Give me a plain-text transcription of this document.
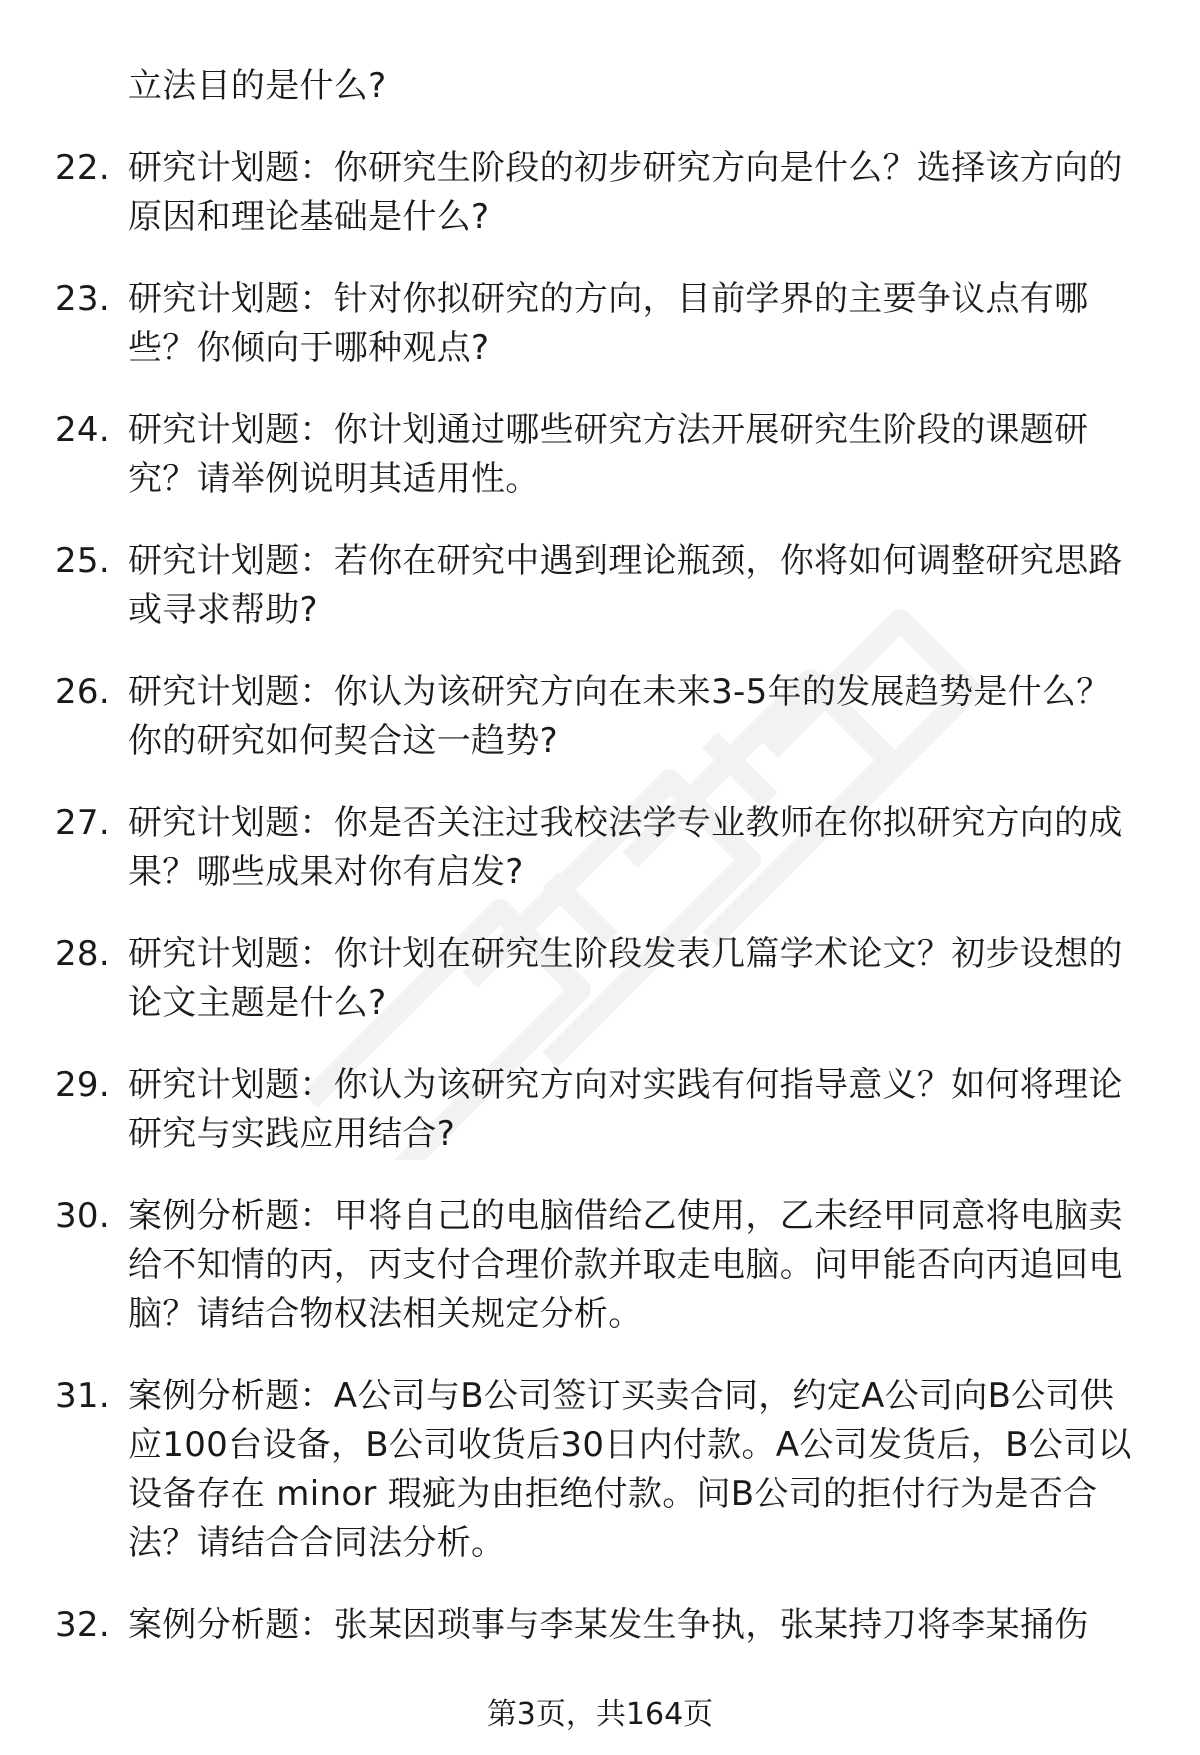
立法目的是什么?
22. 研究计划题：你研究生阶段的初步研究方向是什么？选择该方向的原因和理论基础是什么?
23. 研究计划题：针对你拟研究的方向，目前学界的主要争议点有哪些？你倾向于哪种观点?
24. 研究计划题：你计划通过哪些研究方法开展研究生阶段的课题研究？请举例说明其适用性。
25. 研究计划题：若你在研究中遇到理论瓶颈，你将如何调整研究思路或寻求帮助?
26. 研究计划题：你认为该研究方向在未来3-5年的发展趋势是什么？你的研究如何契合这一趋势?
27. 研究计划题：你是否关注过我校法学专业教师在你拟研究方向的成果？哪些成果对你有启发?
28. 研究计划题：你计划在研究生阶段发表几篇学术论文？初步设想的论文主题是什么?
29. 研究计划题：你认为该研究方向对实践有何指导意义？如何将理论研究与实践应用结合?
30. 案例分析题：甲将自己的电脑借给乙使用，乙未经甲同意将电脑卖给不知情的丙，丙支付合理价款并取走电脑。问甲能否向丙追回电脑？请结合物权法相关规定分析。
31. 案例分析题：A公司与B公司签订买卖合同，约定A公司向B公司供应100台设备，B公司收货后30日内付款。A公司发货后，B公司以设备存在 minor 瑕疵为由拒绝付款。问B公司的拒付行为是否合法？请结合合同法分析。
32. 案例分析题：张某因琐事与李某发生争执，张某持刀将李某捅伤
第3页，共164页
